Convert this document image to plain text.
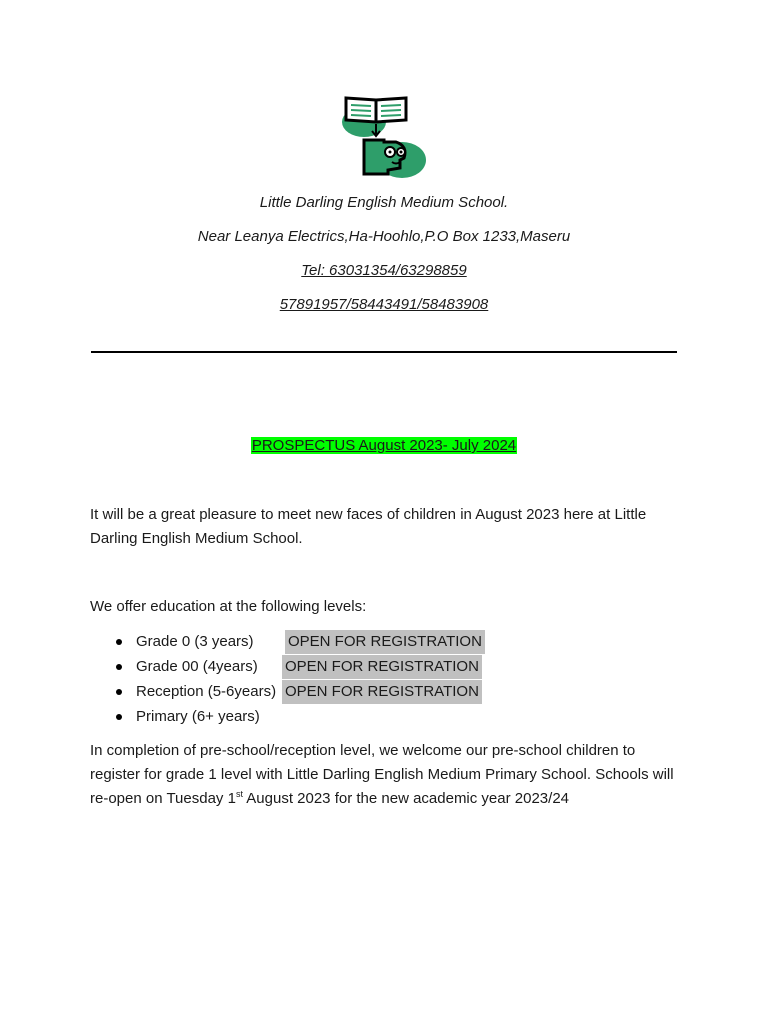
Little Darling English Medium School.
Near Leanya Electrics,Ha-Hoohlo,P.O Box 1233,Maseru
Tel: 63031354/63298859
57891957/58443491/58483908
PROSPECTUS August 2023- July 2024
It will be a great pleasure to meet new faces of children in August 2023 here at Little Darling English Medium School.
We offer education at the following levels:
Grade 0 (3 years) OPEN FOR REGISTRATION
Grade 00 (4years) OPEN FOR REGISTRATION
Reception (5-6years) OPEN FOR REGISTRATION
Primary (6+ years)
In completion of pre-school/reception level, we welcome our pre-school children to register for grade 1 level with Little Darling English Medium Primary School. Schools will re-open on Tuesday 1st August 2023 for the new academic year 2023/24
